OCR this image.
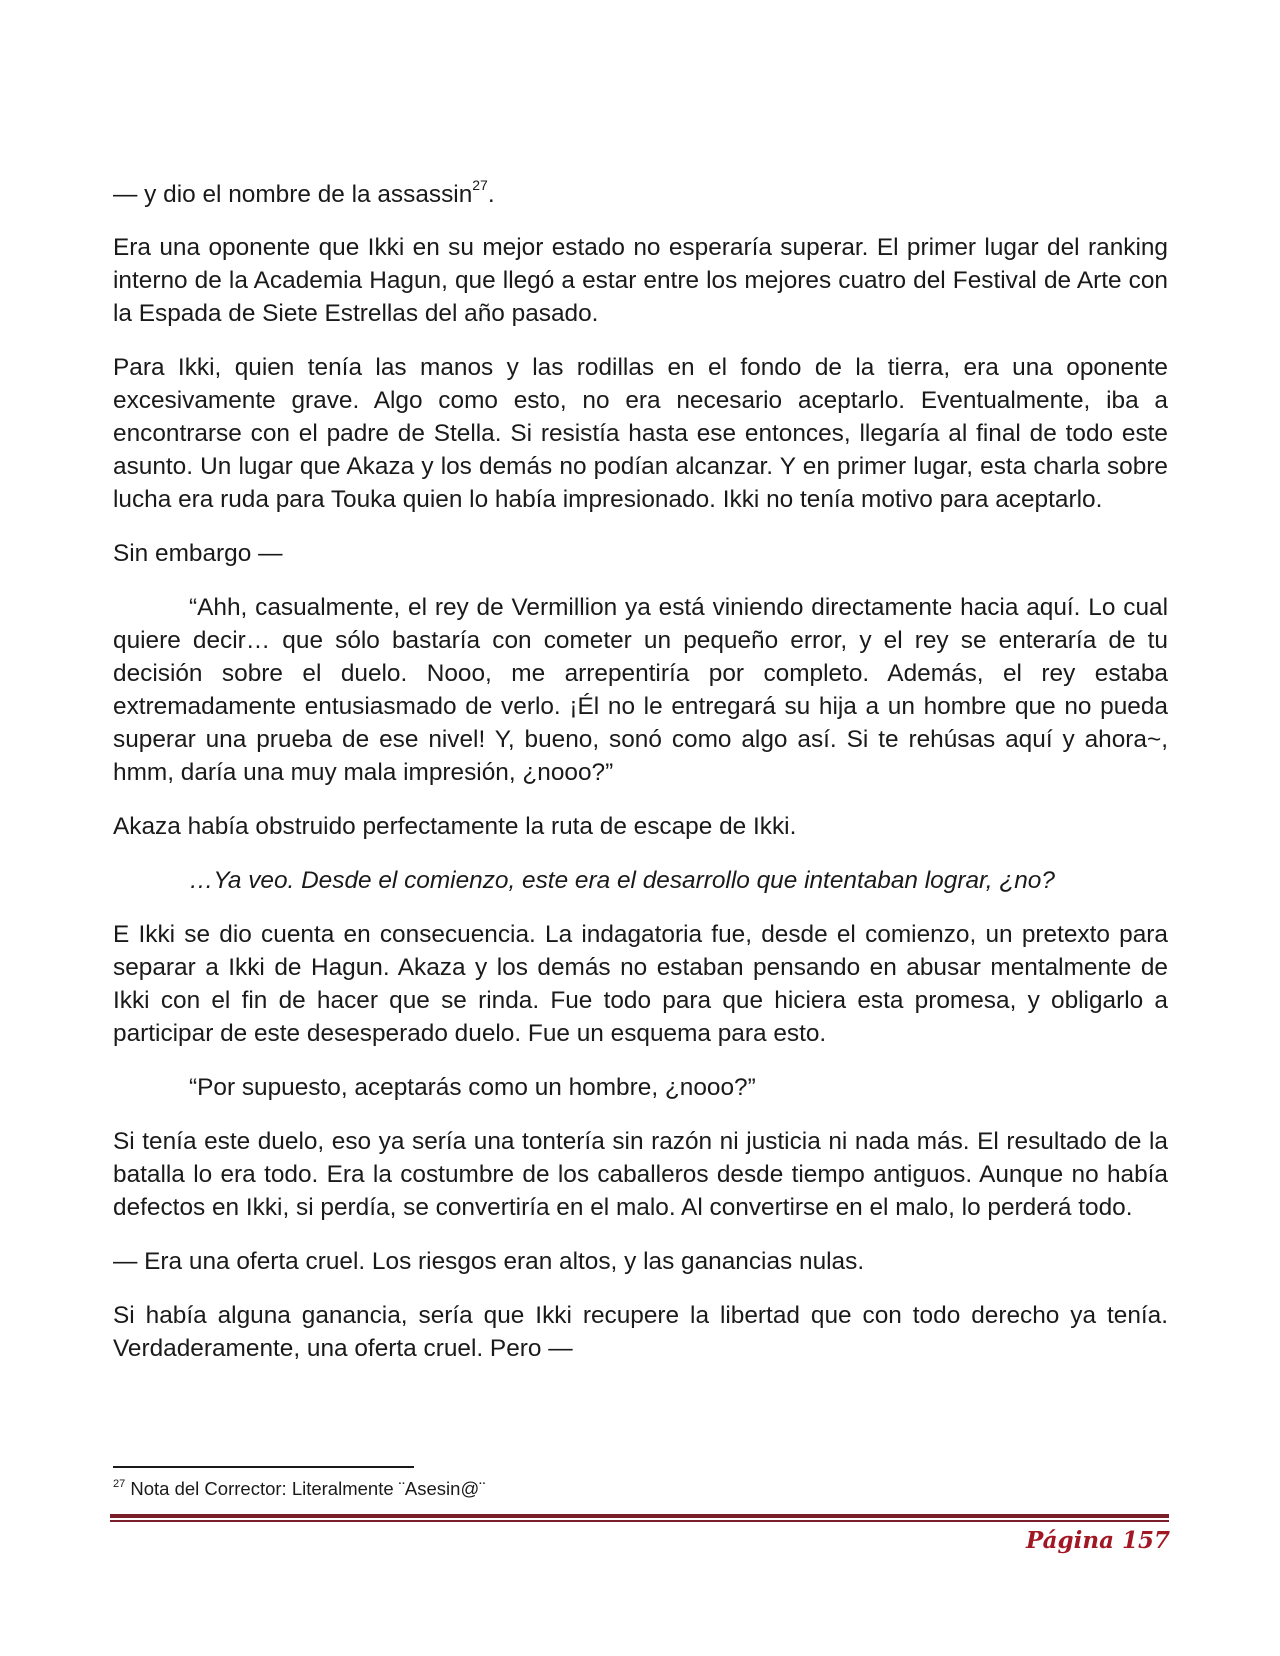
— y dio el nombre de la assassin$^{27}$.

Era una oponente que Ikki en su mejor estado no esperaría superar. El primer lugar del ranking interno de la Academia Hagun, que llegó a estar entre los mejores cuatro del Festival de Arte con la Espada de Siete Estrellas del año pasado.

Para Ikki, quien tenía las manos y las rodillas en el fondo de la tierra, era una oponente excesivamente grave. Algo como esto, no era necesario aceptarlo. Eventualmente, iba a encontrarse con el padre de Stella. Si resistía hasta ese entonces, llegaría al final de todo este asunto. Un lugar que Akaza y los demás no podían alcanzar. Y en primer lugar, esta charla sobre lucha era ruda para Touka quien lo había impresionado. Ikki no tenía motivo para aceptarlo.

Sin embargo —

“Ahh, casualmente, el rey de Vermillion ya está viniendo directamente hacia aquí. Lo cual quiere decir… que sólo bastaría con cometer un pequeño error, y el rey se enteraría de tu decisión sobre el duelo. Nooo, me arrepentiría por completo. Además, el rey estaba extremadamente entusiasmado de verlo. ¡Él no le entregará su hija a un hombre que no pueda superar una prueba de ese nivel! Y, bueno, sonó como algo así. Si te rehúsas aquí y ahora~, hmm, daría una muy mala impresión, ¿nooo?”

Akaza había obstruido perfectamente la ruta de escape de Ikki.

…Ya veo. Desde el comienzo, este era el desarrollo que intentaban lograr, ¿no?

E Ikki se dio cuenta en consecuencia. La indagatoria fue, desde el comienzo, un pretexto para separar a Ikki de Hagun. Akaza y los demás no estaban pensando en abusar mentalmente de Ikki con el fin de hacer que se rinda. Fue todo para que hiciera esta promesa, y obligarlo a participar de este desesperado duelo. Fue un esquema para esto.

“Por supuesto, aceptarás como un hombre, ¿nooo?”

Si tenía este duelo, eso ya sería una tontería sin razón ni justicia ni nada más. El resultado de la batalla lo era todo. Era la costumbre de los caballeros desde tiempo antiguos. Aunque no había defectos en Ikki, si perdía, se convertiría en el malo. Al convertirse en el malo, lo perderá todo.

— Era una oferta cruel. Los riesgos eran altos, y las ganancias nulas.

Si había alguna ganancia, sería que Ikki recupere la libertad que con todo derecho ya tenía. Verdaderamente, una oferta cruel. Pero —

$^{27}$ Nota del Corrector: Literalmente ¨Asesin@¨
Página 157
